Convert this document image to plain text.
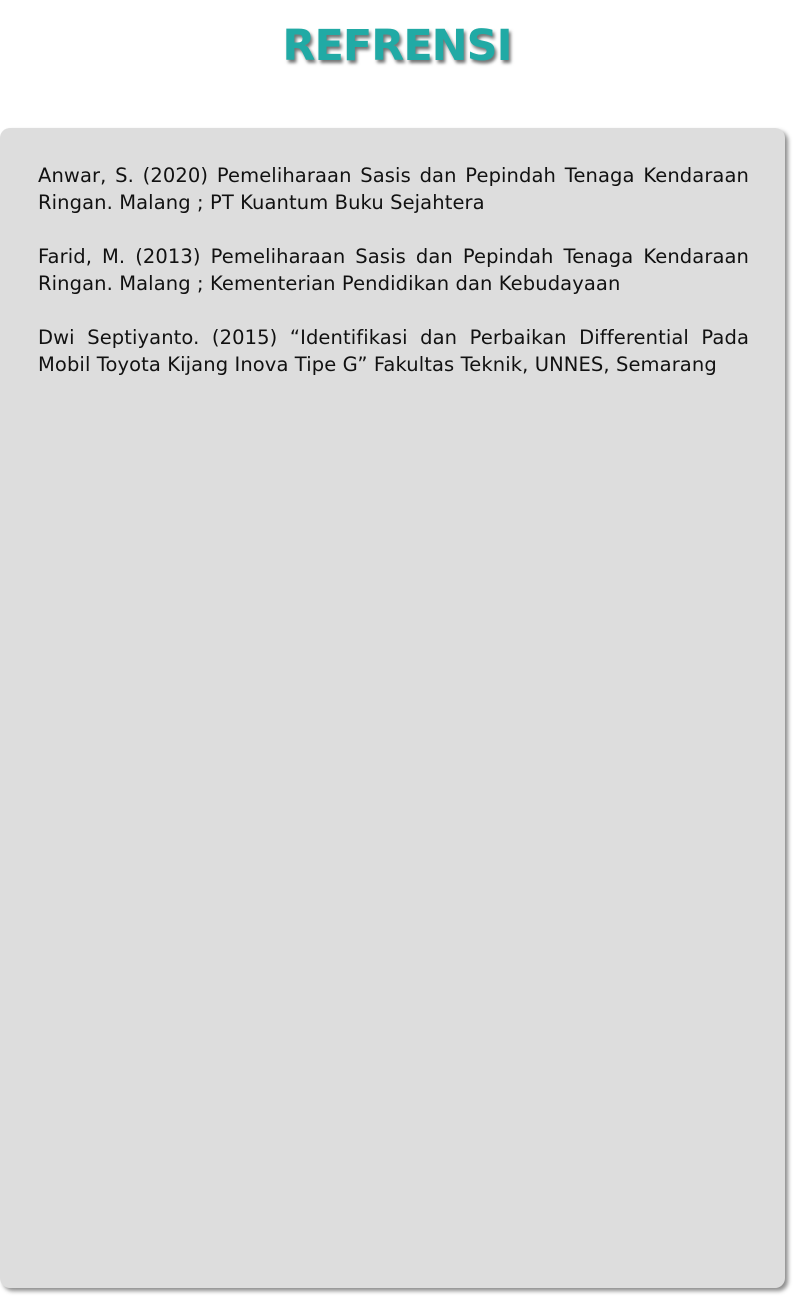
REFRENSI

Anwar, S. (2020) Pemeliharaan Sasis dan Pepindah Tenaga Kendaraan Ringan. Malang ; PT Kuantum Buku Sejahtera

Farid, M. (2013) Pemeliharaan Sasis dan Pepindah Tenaga Kendaraan Ringan. Malang ; Kementerian Pendidikan dan Kebudayaan

Dwi Septiyanto. (2015) “Identifikasi dan Perbaikan Differential Pada Mobil Toyota Kijang Inova Tipe G” Fakultas Teknik, UNNES, Semarang
